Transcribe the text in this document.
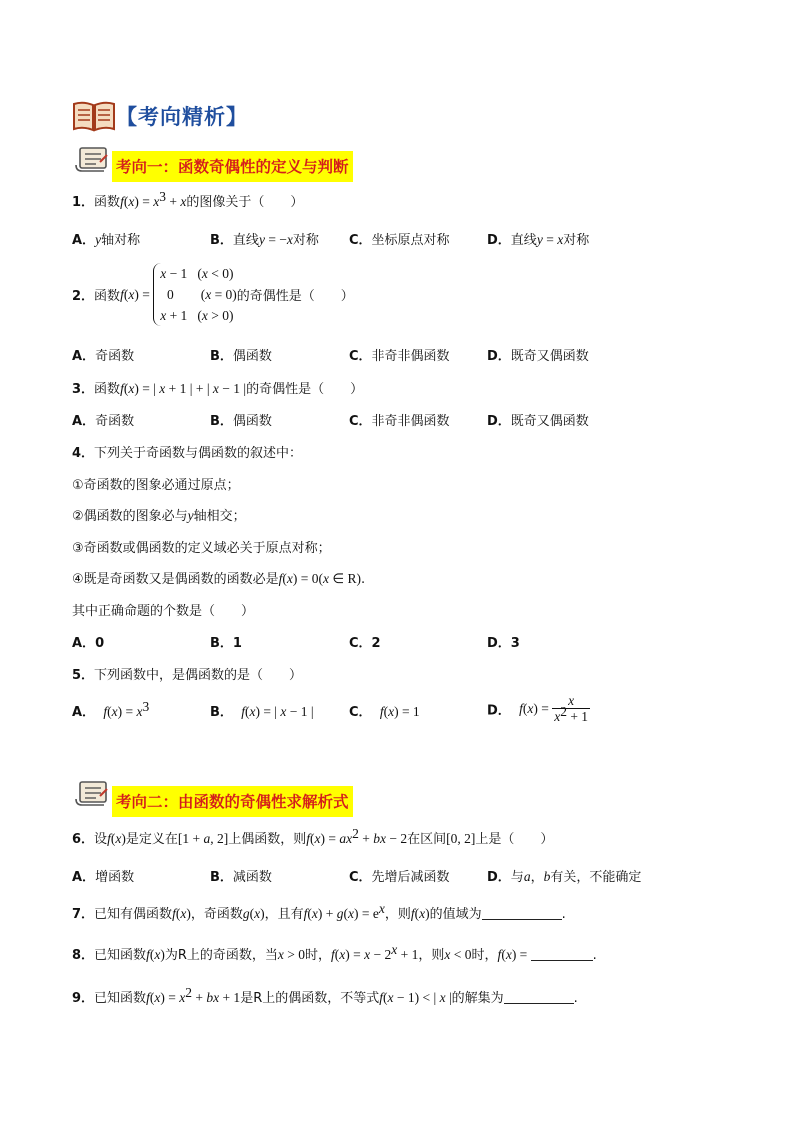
【考向精析】
考向一：函数奇偶性的定义与判断
1．函数$f(x) = x^3 + x$的图像关于（　　）
A．y轴对称	B．直线y = −x对称 C．坐标原点对称	D．直线y = x对称
2．函数f(x) =
x − 1   (x < 0)
0        (x = 0)
x + 1   (x > 0)
的奇偶性是（　　）
A．奇函数	B．偶函数	C．非奇非偶函数	D．既奇又偶函数
3．函数f(x) = | x + 1 | + | x − 1 |的奇偶性是（　　）
A．奇函数	B．偶函数	C．非奇非偶函数	D．既奇又偶函数
4．下列关于奇函数与偶函数的叙述中：
①奇函数的图象必通过原点；
②偶函数的图象必与y轴相交；
③奇函数或偶函数的定义域必关于原点对称；
④既是奇函数又是偶函数的函数必是f(x) = 0(x ∈ R).
其中正确命题的个数是（　　）
A．0	B．1	C．2	D．3
5．下列函数中，是偶函数的是（　　）
A． $f(x) = x^3$	B． f(x) = | x − 1 |	C． f(x) = 1	D． $f(x) = \frac{x}{x^2 + 1}$
考向二：由函数的奇偶性求解析式
6．设f(x)是定义在[1 + a, 2]上偶函数，则$f(x) = ax^2$ + bx − 2在区间[0, 2]上是（　　）
A．增函数	B．减函数	C．先增后减函数	D．与a，b有关，不能确定
7．已知有偶函数f(x)，奇函数g(x)，且有$f(x) + g(x) = e^x$，则f(x)的值域为	.
8．已知函数f(x)为R上的奇函数，当x > 0时，$f(x) = x - 2^x + 1$，则x < 0时，f(x) =	.
9．已知函数$f(x) = x^2$ + bx + 1是R上的偶函数，不等式f(x − 1) < | x |的解集为	.
